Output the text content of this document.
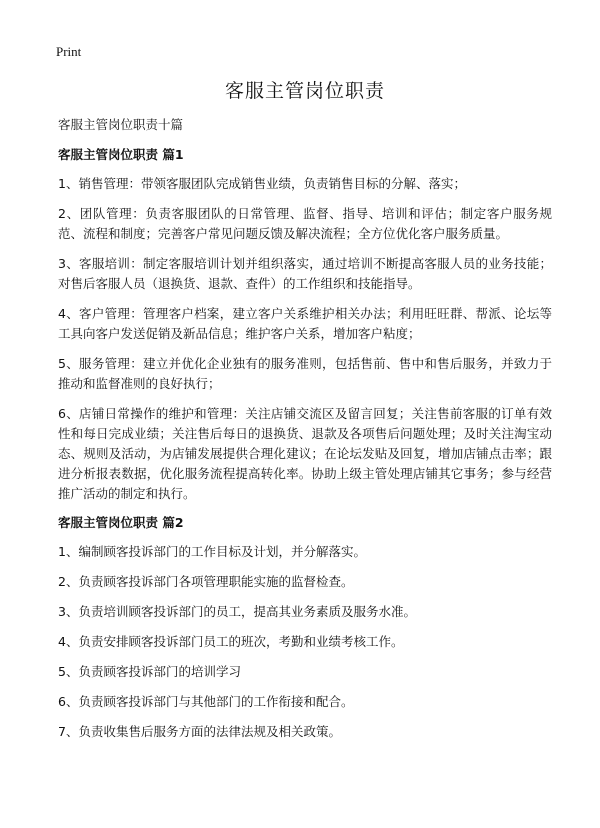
Print
客服主管岗位职责
客服主管岗位职责十篇
客服主管岗位职责 篇1

1、销售管理：带领客服团队完成销售业绩，负责销售目标的分解、落实；

2、团队管理：负责客服团队的日常管理、监督、指导、培训和评估；制定客户服务规范、流程和制度；完善客户常见问题反馈及解决流程；全方位优化客户服务质量。

3、客服培训：制定客服培训计划并组织落实，通过培训不断提高客服人员的业务技能；对售后客服人员（退换货、退款、查件）的工作组织和技能指导。

4、客户管理：管理客户档案，建立客户关系维护相关办法；利用旺旺群、帮派、论坛等工具向客户发送促销及新品信息；维护客户关系，增加客户粘度；

5、服务管理：建立并优化企业独有的服务准则，包括售前、售中和售后服务，并致力于推动和监督准则的良好执行；

6、店铺日常操作的维护和管理：关注店铺交流区及留言回复；关注售前客服的订单有效性和每日完成业绩；关注售后每日的退换货、退款及各项售后问题处理；及时关注淘宝动态、规则及活动，为店铺发展提供合理化建议；在论坛发贴及回复，增加店铺点击率；跟进分析报表数据，优化服务流程提高转化率。协助上级主管处理店铺其它事务；参与经营推广活动的制定和执行。

客服主管岗位职责 篇2

1、编制顾客投诉部门的工作目标及计划，并分解落实。

2、负责顾客投诉部门各项管理职能实施的监督检查。

3、负责培训顾客投诉部门的员工，提高其业务素质及服务水准。

4、负责安排顾客投诉部门员工的班次，考勤和业绩考核工作。

5、负责顾客投诉部门的培训学习

6、负责顾客投诉部门与其他部门的工作衔接和配合。

7、负责收集售后服务方面的法律法规及相关政策。
